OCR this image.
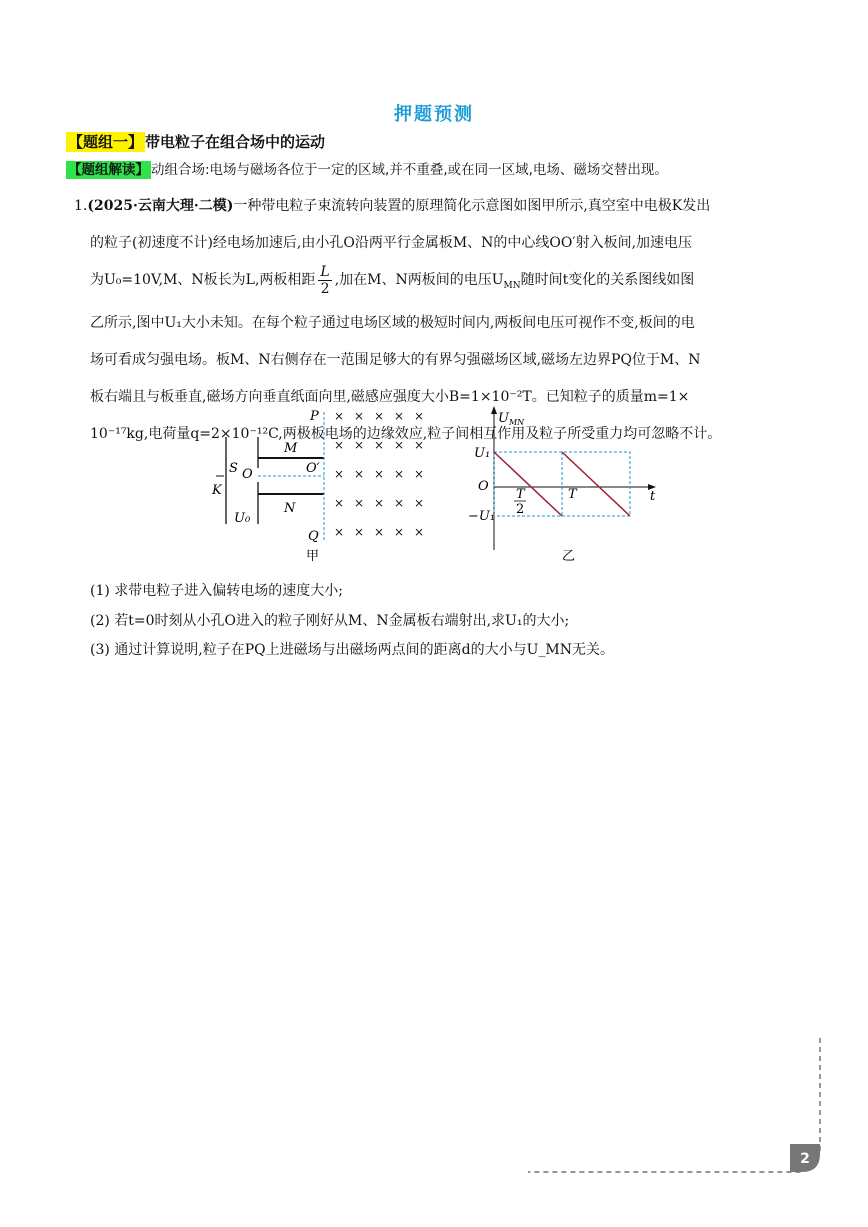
押题预测
【题组一】 带电粒子在组合场中的运动
【题组解读】 动组合场:电场与磁场各位于一定的区域,并不重叠,或在同一区域,电场、磁场交替出现。
1.(2025·云南大理·二模)一种带电粒子束流转向装置的原理简化示意图如图甲所示,真空室中电极K发出
的粒子(初速度不计)经电场加速后,由小孔O沿两平行金属板M、N的中心线OO′射入板间,加速电压
为U₀=10V,M、N板长为L,两板相距 $\frac{L}{2}$ ,加在M、N两板间的电压$U_{MN}$随时间t变化的关系图线如图
乙所示,图中U₁大小未知。在每个粒子通过电场区域的极短时间内,两板间电压可视作不变,板间的电
场可看成匀强电场。板M、N右侧存在一范围足够大的有界匀强磁场区域,磁场左边界PQ位于M、N
板右端且与板垂直,磁场方向垂直纸面向里,磁感应强度大小B=1×10⁻²T。已知粒子的质量m=1×
10⁻¹⁷kg,电荷量q=2×10⁻¹²C,两极板电场的边缘效应,粒子间相互作用及粒子所受重力均可忽略不计。
P
Q
M
N
S O	O′
K
U₀
甲
× × × × ×
× × × × ×
× × × × ×
× × × × ×
× × × × ×
$U_{MN}$
U₁
−U₁
O
t
T
2
T
乙
(1) 求带电粒子进入偏转电场的速度大小;
(2) 若t=0时刻从小孔O进入的粒子刚好从M、N金属板右端射出,求U₁的大小;
(3) 通过计算说明,粒子在PQ上进磁场与出磁场两点间的距离d的大小与U_MN无关。
2
